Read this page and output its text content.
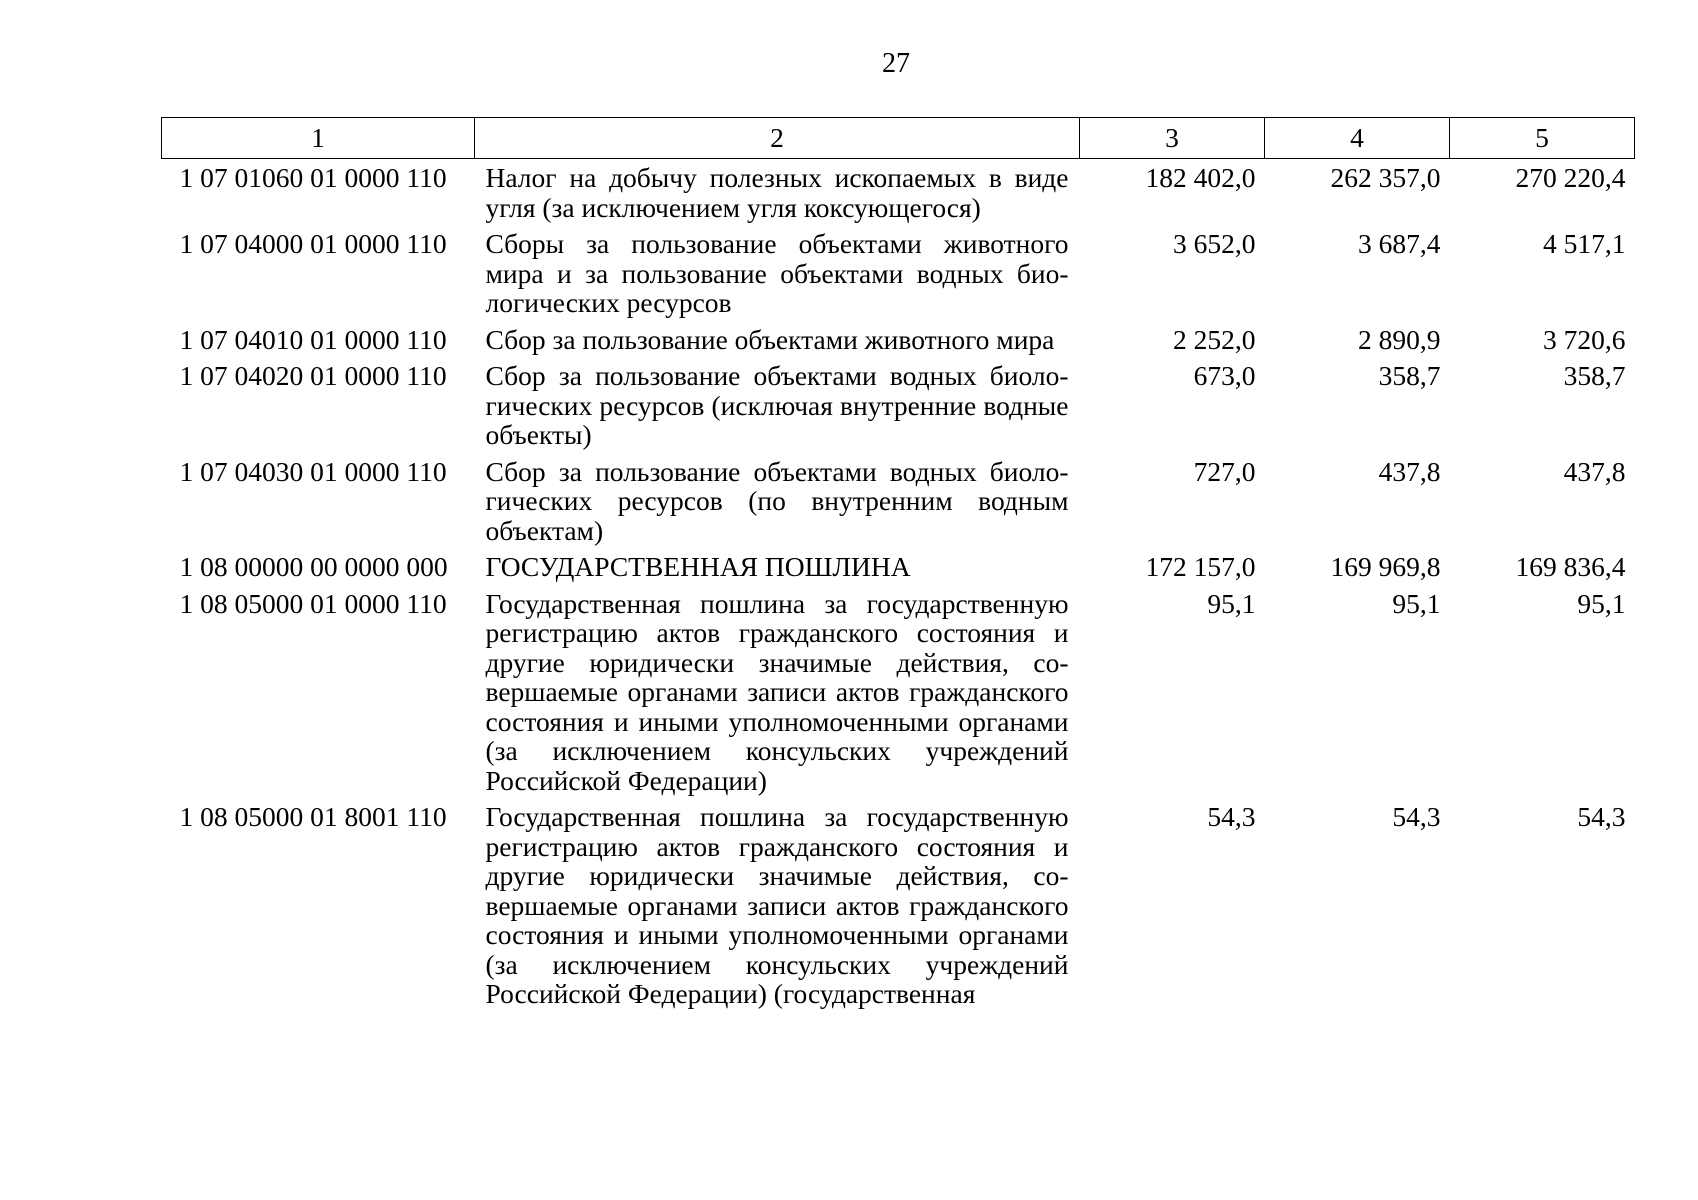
27
1	2	3	4	5
1 07 01060 01 0000 110	Налог на добычу полезных ископаемых в виде угля (за исключением угля коксующегося)	182 402,0	262 357,0	270 220,4
1 07 04000 01 0000 110	Сборы за пользование объектами животного мира и за пользование объектами водных биологических ресурсов	3 652,0	3 687,4	4 517,1
1 07 04010 01 0000 110	Сбор за пользование объектами животного мира	2 252,0	2 890,9	3 720,6
1 07 04020 01 0000 110	Сбор за пользование объектами водных биологических ресурсов (исключая внутренние водные объекты)	673,0	358,7	358,7
1 07 04030 01 0000 110	Сбор за пользование объектами водных биологических ресурсов (по внутренним водным объектам)	727,0	437,8	437,8
1 08 00000 00 0000 000	ГОСУДАРСТВЕННАЯ ПОШЛИНА	172 157,0	169 969,8	169 836,4
1 08 05000 01 0000 110	Государственная пошлина за государственную регистрацию актов гражданского состояния и другие юридически значимые действия, совершаемые органами записи актов гражданского состояния и иными уполномоченными органами (за исключением консульских учреждений Российской Федерации)	95,1	95,1	95,1
1 08 05000 01 8001 110	Государственная пошлина за государственную регистрацию актов гражданского состояния и другие юридически значимые действия, совершаемые органами записи актов гражданского состояния и иными уполномоченными органами (за исключением консульских учреждений Российской Федерации) (государственная	54,3	54,3	54,3
